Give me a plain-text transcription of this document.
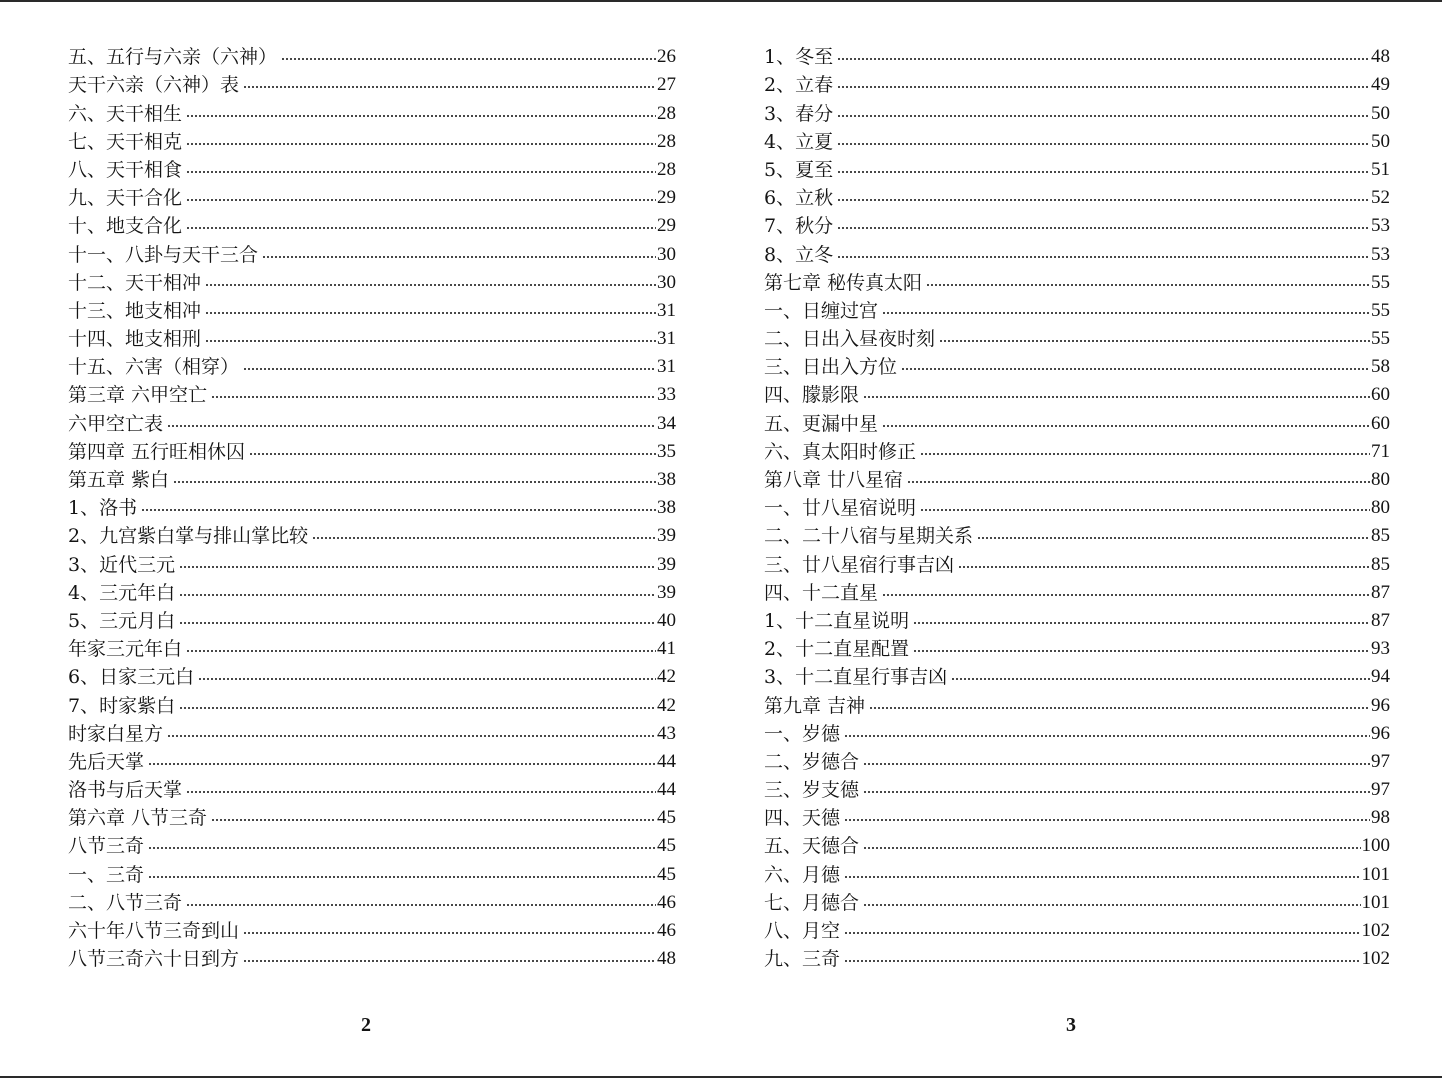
五、五行与六亲（六神）	26
天干六亲（六神）表	27
六、天干相生	28
七、天干相克	28
八、天干相食	28
九、天干合化	29
十、地支合化	29
十一、八卦与天干三合	30
十二、天干相冲	30
十三、地支相冲	31
十四、地支相刑	31
十五、六害（相穿）	31
第三章 六甲空亡	33
六甲空亡表	34
第四章 五行旺相休囚	35
第五章 紫白	38
1、洛书	38
2、九宫紫白掌与排山掌比较	39
3、近代三元	39
4、三元年白	39
5、三元月白	40
年家三元年白	41
6、日家三元白	42
7、时家紫白	42
时家白星方	43
先后天掌	44
洛书与后天掌	44
第六章 八节三奇	45
八节三奇	45
一、三奇	45
二、八节三奇	46
六十年八节三奇到山	46
八节三奇六十日到方	48
1、冬至	48
2、立春	49
3、春分	50
4、立夏	50
5、夏至	51
6、立秋	52
7、秋分	53
8、立冬	53
第七章 秘传真太阳	55
一、日缠过宫	55
二、日出入昼夜时刻	55
三、日出入方位	58
四、朦影限	60
五、更漏中星	60
六、真太阳时修正	71
第八章 廿八星宿	80
一、廿八星宿说明	80
二、二十八宿与星期关系	85
三、廿八星宿行事吉凶	85
四、十二直星	87
1、十二直星说明	87
2、十二直星配置	93
3、十二直星行事吉凶	94
第九章 吉神	96
一、岁德	96
二、岁德合	97
三、岁支德	97
四、天德	98
五、天德合	100
六、月德	101
七、月德合	101
八、月空	102
九、三奇	102
2	3
